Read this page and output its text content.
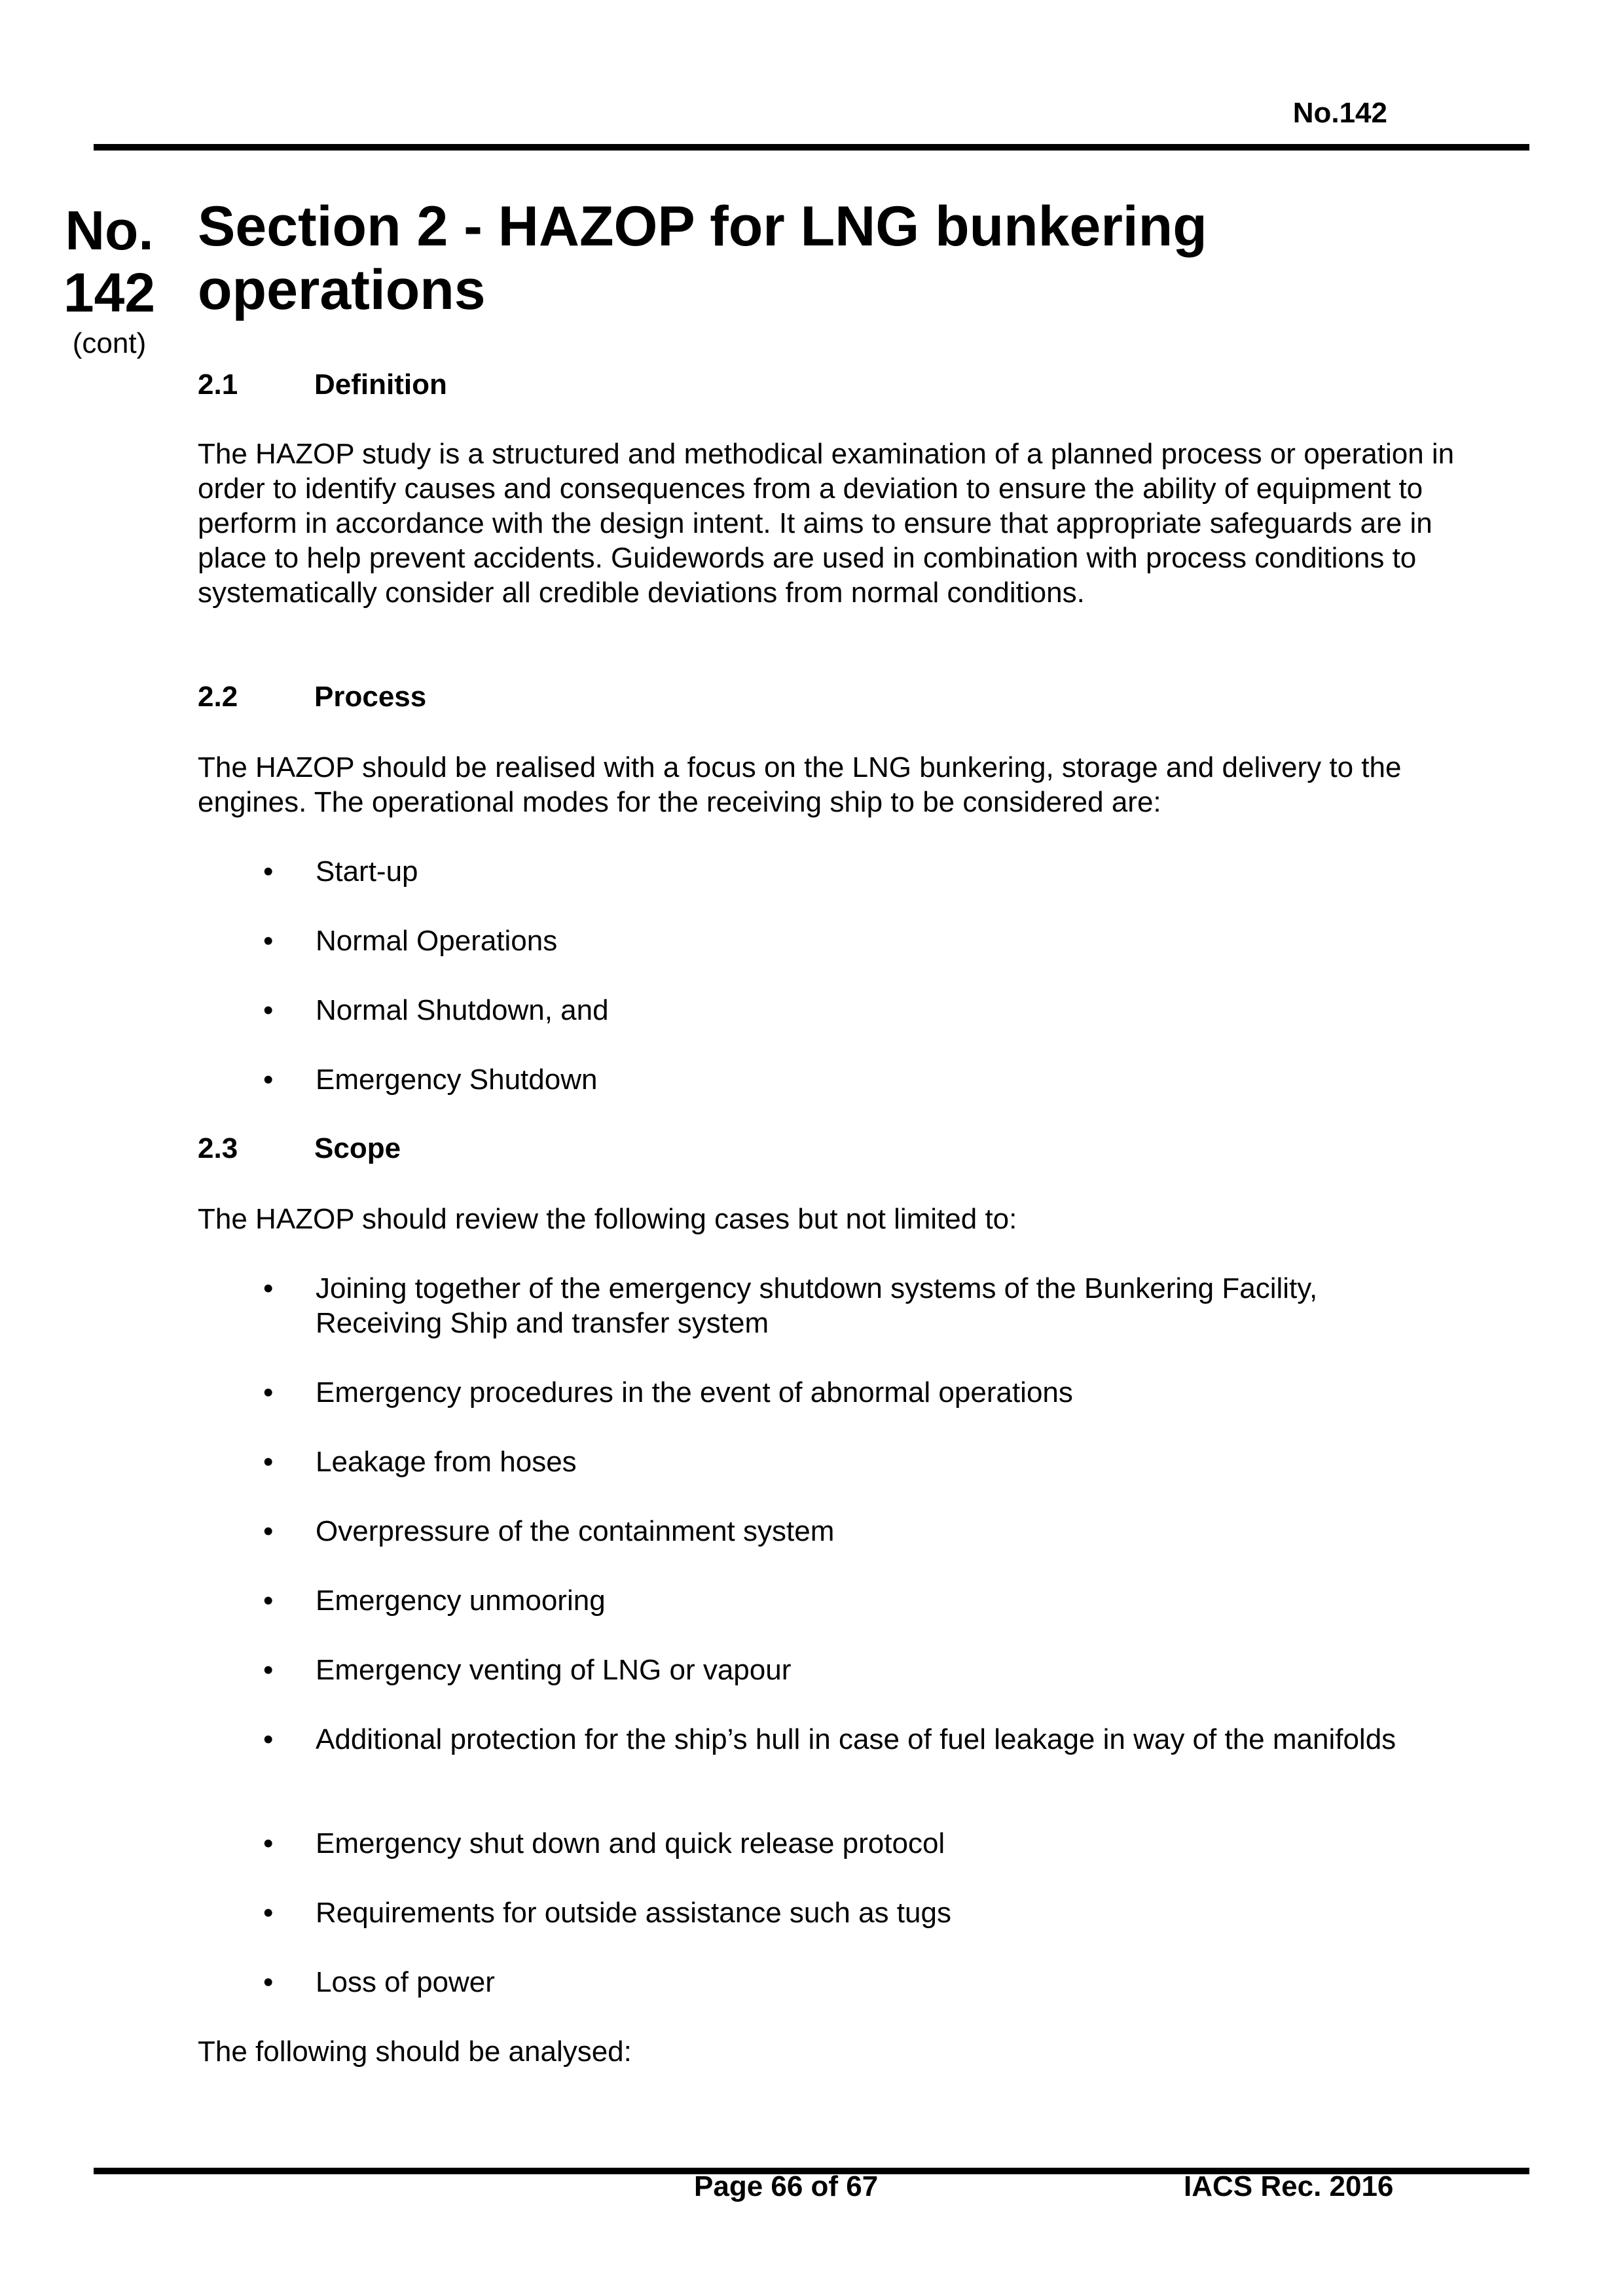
No.142
No.
142
(cont)
Section 2 - HAZOP for LNG bunkering operations
2.1	Definition

The HAZOP study is a structured and methodical examination of a planned process or operation in order to identify causes and consequences from a deviation to ensure the ability of equipment to perform in accordance with the design intent. It aims to ensure that appropriate safeguards are in place to help prevent accidents. Guidewords are used in combination with process conditions to systematically consider all credible deviations from normal conditions.

2.2	Process

The HAZOP should be realised with a focus on the LNG bunkering, storage and delivery to the engines. The operational modes for the receiving ship to be considered are:

•	Start-up
•	Normal Operations
•	Normal Shutdown, and
•	Emergency Shutdown
2.3	Scope

The HAZOP should review the following cases but not limited to:

•	Joining together of the emergency shutdown systems of the Bunkering Facility, Receiving Ship and transfer system
•	Emergency procedures in the event of abnormal operations
•	Leakage from hoses
•	Overpressure of the containment system
•	Emergency unmooring
•	Emergency venting of LNG or vapour
•	Additional protection for the ship’s hull in case of fuel leakage in way of the manifolds
•	Emergency shut down and quick release protocol
•	Requirements for outside assistance such as tugs
•	Loss of power

The following should be analysed:

Page 66 of 67	IACS Rec. 2016
